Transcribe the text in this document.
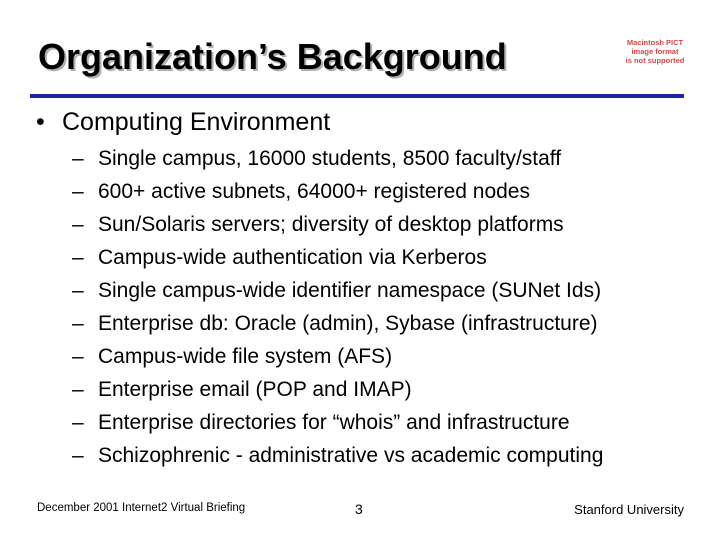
Organization’s Background	Macintosh PICT
image format
is not supported
• Computing Environment
– Single campus, 16000 students, 8500 faculty/staff
– 600+ active subnets, 64000+ registered nodes
– Sun/Solaris servers; diversity of desktop platforms
– Campus-wide authentication via Kerberos
– Single campus-wide identifier namespace (SUNet Ids)
– Enterprise db: Oracle (admin), Sybase (infrastructure)
– Campus-wide file system (AFS)
– Enterprise email (POP and IMAP)
– Enterprise directories for “whois” and infrastructure
– Schizophrenic - administrative vs academic computing
December 2001 Internet2 Virtual Briefing	3	Stanford University
